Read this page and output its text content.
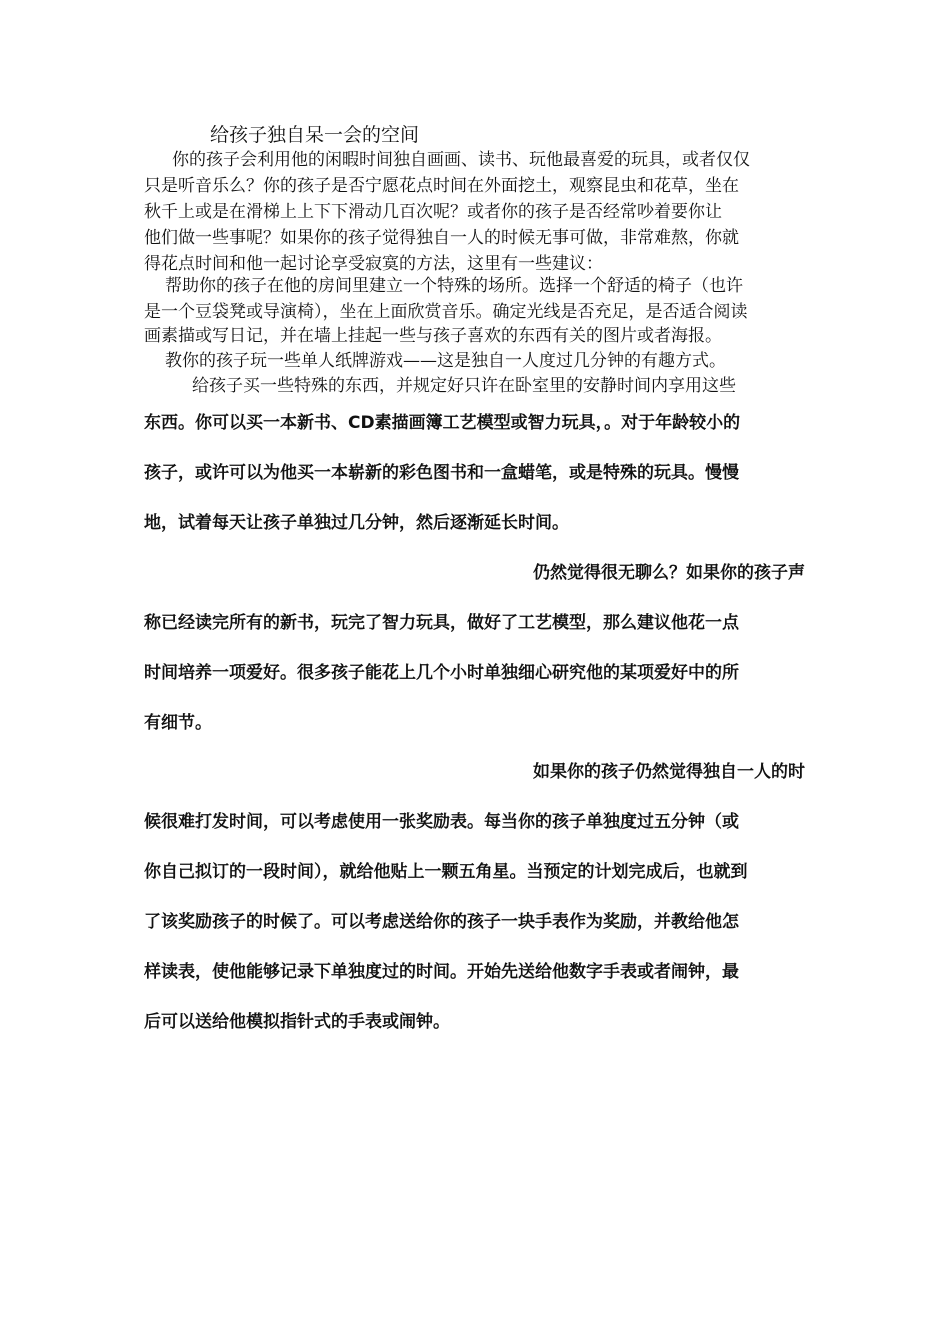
给孩子独自呆一会的空间
你的孩子会利用他的闲暇时间独自画画、读书、玩他最喜爱的玩具，或者仅仅
只是听音乐么？你的孩子是否宁愿花点时间在外面挖土，观察昆虫和花草，坐在
秋千上或是在滑梯上上下下滑动几百次呢？或者你的孩子是否经常吵着要你让
他们做一些事呢？如果你的孩子觉得独自一人的时候无事可做，非常难熬，你就
得花点时间和他一起讨论享受寂寞的方法，这里有一些建议：
帮助你的孩子在他的房间里建立一个特殊的场所。选择一个舒适的椅子（也许
是一个豆袋凳或导演椅），坐在上面欣赏音乐。确定光线是否充足，是否适合阅读
画素描或写日记，并在墙上挂起一些与孩子喜欢的东西有关的图片或者海报。
教你的孩子玩一些单人纸牌游戏——这是独自一人度过几分钟的有趣方式。
给孩子买一些特殊的东西，并规定好只许在卧室里的安静时间内享用这些
东西。你可以买一本新书、CD素描画簿工艺模型或智力玩具，。对于年龄较小的
孩子，或许可以为他买一本崭新的彩色图书和一盒蜡笔，或是特殊的玩具。慢慢
地，试着每天让孩子单独过几分钟，然后逐渐延长时间。
仍然觉得很无聊么？如果你的孩子声
称已经读完所有的新书，玩完了智力玩具，做好了工艺模型，那么建议他花一点
时间培养一项爱好。很多孩子能花上几个小时单独细心研究他的某项爱好中的所
有细节。
如果你的孩子仍然觉得独自一人的时
候很难打发时间，可以考虑使用一张奖励表。每当你的孩子单独度过五分钟（或
你自己拟订的一段时间），就给他贴上一颗五角星。当预定的计划完成后，也就到
了该奖励孩子的时候了。可以考虑送给你的孩子一块手表作为奖励，并教给他怎
样读表，使他能够记录下单独度过的时间。开始先送给他数字手表或者闹钟，最
后可以送给他模拟指针式的手表或闹钟。
